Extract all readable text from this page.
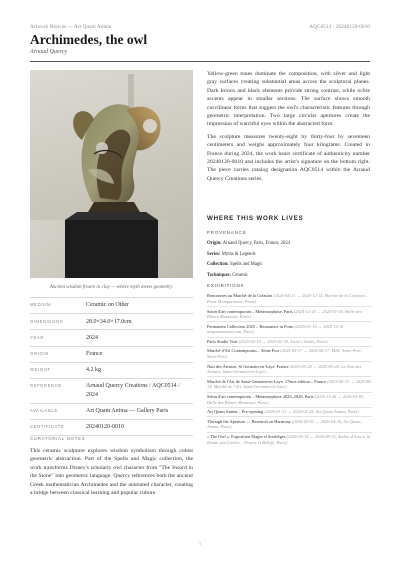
Artwork Notices — Art Quam Anima	AQC0514 · 20240120-0010
Archimedes, the owl
Arnaud Quercy
Ancient wisdom frozen in clay — where myth meets geometry.
MEDIUM	Ceramic on Other
DIMENSIONS	28.0×34.0×17.0cm
YEAR	2024
ORIGIN	France
WEIGHT	4.2 kg
REFERENCE	Arnaud Quercy Creations / AQC0514 / 2024
AVAILABLE	Art Quam Anima — Gallery Paris
CERTIFICATE	20240120-0010
CURATORIAL NOTES

This ceramic sculpture explores wisdom symbolism through cubist geometric abstraction. Part of the Spells and Magic collection, the work transforms Disney's scholarly owl character from "The Sword in the Stone" into geometric language. Quercy references both the ancient Greek mathematician Archimedes and the animated character, creating a bridge between classical learning and popular culture.

Yellow-green tones dominate the composition, with silver and light gray surfaces creating substantial areas across the sculptural planes. Dark brown and black elements provide strong contrast, while ochre accents appear in smaller sections. The surface shows smooth curvilinear forms that suggest the owl's characteristic features through geometric interpretation. Two large circular apertures create the impression of watchful eyes within the abstracted form.

The sculpture measures twenty-eight by thirty-four by seventeen centimeters and weighs approximately four kilograms. Created in France during 2024, the work bears certificate of authenticity number 20240120-0010 and includes the artist's signature on the bottom right. The piece carries catalog designation AQC0514 within the Arnaud Quercy Creations series.

WHERE THIS WORK LIVES
PROVENANCE
Origin: Arnaud Quercy, Paris, France, 2024
Series: Myths & Legends
Collection: Spells and Magic
Techniques: Ceramic
EXHIBITIONS
Rencontres au Marché de la Création (2024-04-21 → 2024-12-15, Marché de la Création – Paris Montparnasse, Paris)
Salon d'art contemporain – Metamorphose, Paris (2024-12-20 → 2025-01-05, Halle des Blancs Manteaux, Paris)
Permanent Collection 2025 – Resonance in Form (2025-01-16 → 2025-12-31, artquamanima.com, Paris)
Paris Studio Visit (2025-02-18 → 2025-02-18, Artist's Studio, Paris)
Marché d'Art Contemporain – Seine Port (2025-05-17 → 2025-06-17, MAC Seine-Port, Seine-Port)
Nuit des Artistes, St Germain-en-Laye, France (2025-05-24 → 2025-05-24, La Nuit des Artistes, Saint-Germain-en-Laye)
Marché de l'Art de Saint-Germain-en-Laye, 17ème édition – France (2025-06-13 → 2025-06-14, Marché de l'Art, Saint-Germain-en-Laye)
Salon d'art contemporain – Metamorphose 2025–2026, Paris (2025-11-26 → 2026-01-05, Halle des Blancs Manteaux, Paris)
Art Quam Anima – Pre-opening (2026-01-21 → 2026-01-25, Art Quam Anima, Paris)
Through the Aperture — Research on Harmony (2026-03-01 → 2026-04-30, Art Quam Anima, Paris)
« The Owl », Exposition Magie et Sortilèges (2026-06-14 → 2026-09-15, Atelier d'Arts et la Ronde aux Carlies – Prairie et Bellefe, Paris)
1
